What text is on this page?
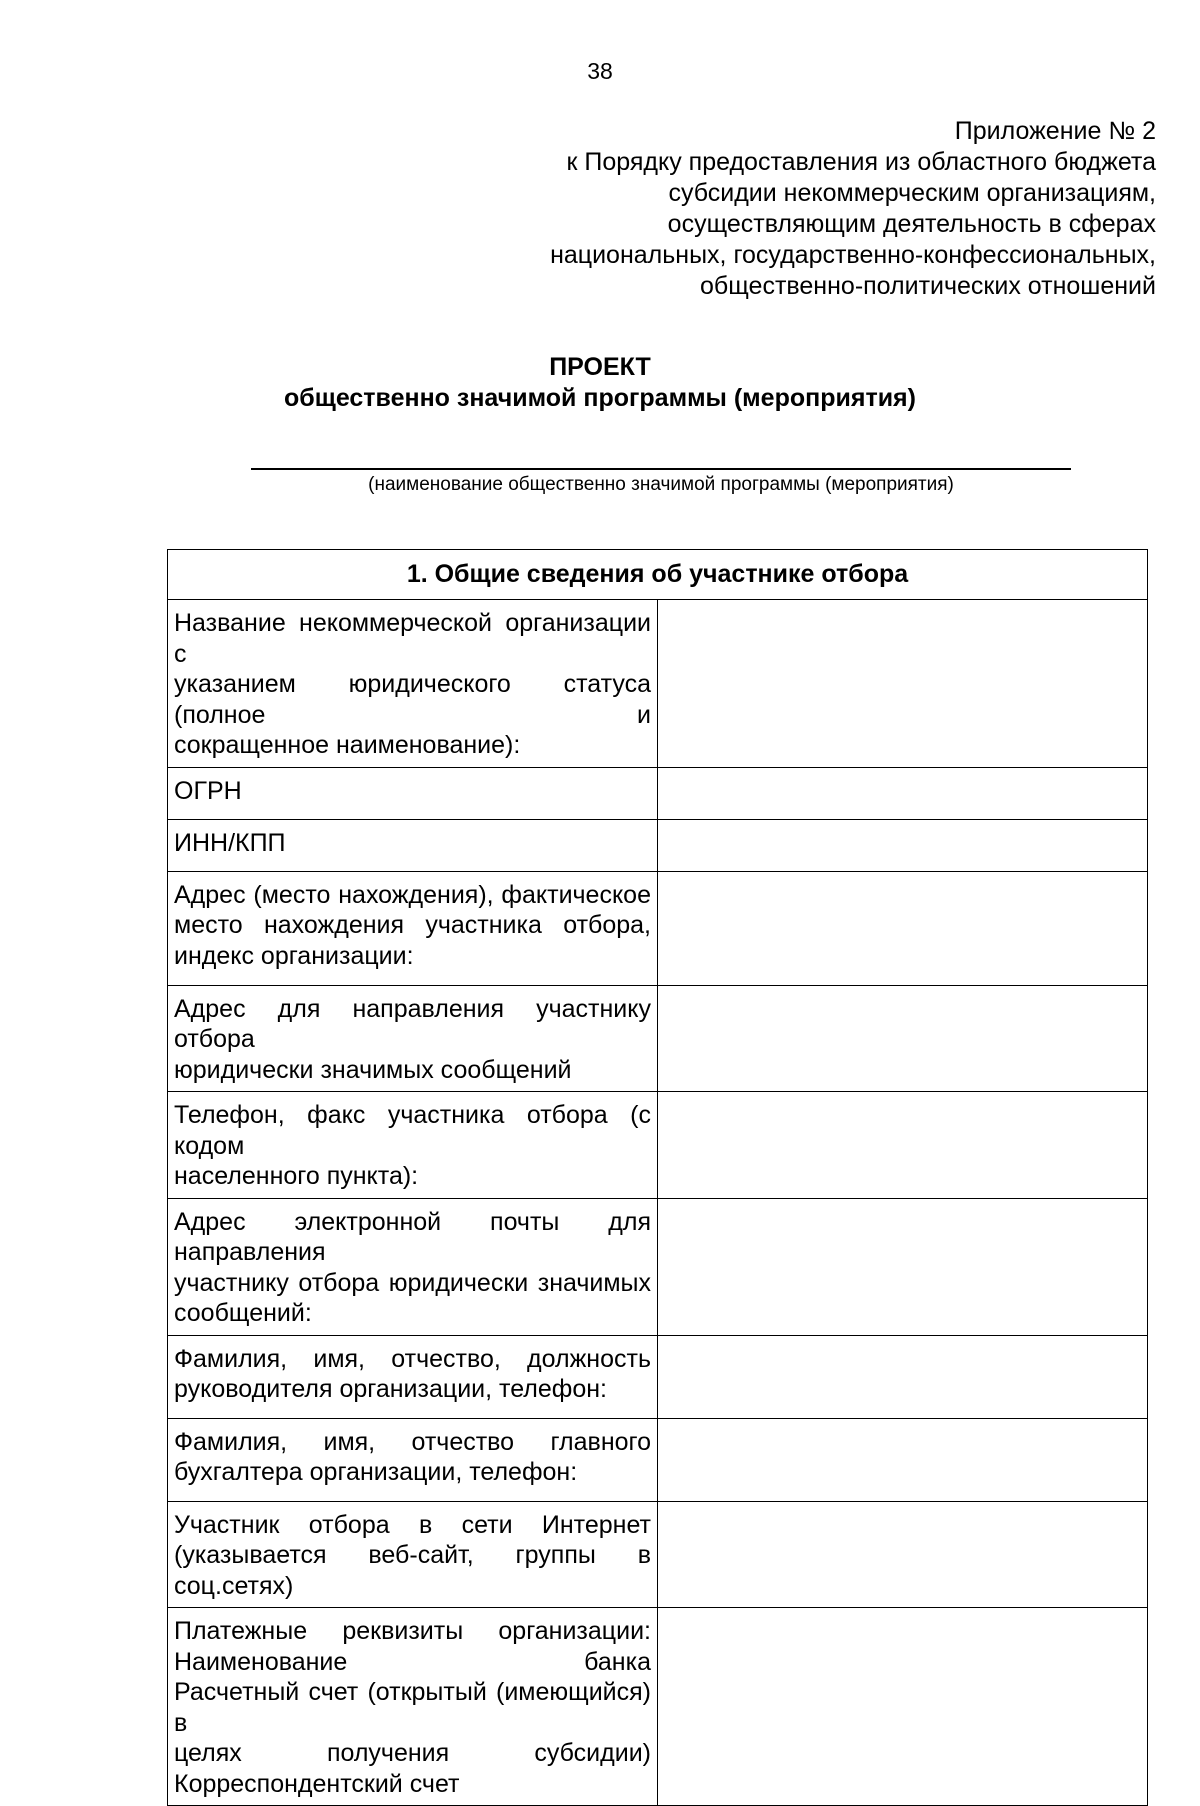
38
Приложение № 2
к Порядку предоставления из областного бюджета
субсидии некоммерческим организациям,
осуществляющим деятельность в сферах
национальных, государственно-конфессиональных,
общественно-политических отношений
ПРОЕКТ
общественно значимой программы (мероприятия)
(наименование общественно значимой программы (мероприятия)
1. Общие сведения об участнике отбора	

Название некоммерческой организации с
указанием юридического статуса (полное и
сокращенное наименование):	

ОГРН	

ИНН/КПП	

Адрес (место нахождения), фактическое
место нахождения участника отбора,
индекс организации:	

Адрес для направления участнику отбора
юридически значимых сообщений	

Телефон, факс участника отбора (с кодом
населенного пункта):	

Адрес электронной почты для направления
участнику отбора юридически значимых
сообщений:	

Фамилия, имя, отчество, должность
руководителя организации, телефон:	

Фамилия, имя, отчество главного
бухгалтера организации, телефон:	

Участник отбора в сети Интернет
(указывается веб-сайт, группы в соц.сетях)	

Платежные реквизиты организации:
Наименование банка
Расчетный счет (открытый (имеющийся) в
целях получения субсидии)
Корреспондентский счет	
